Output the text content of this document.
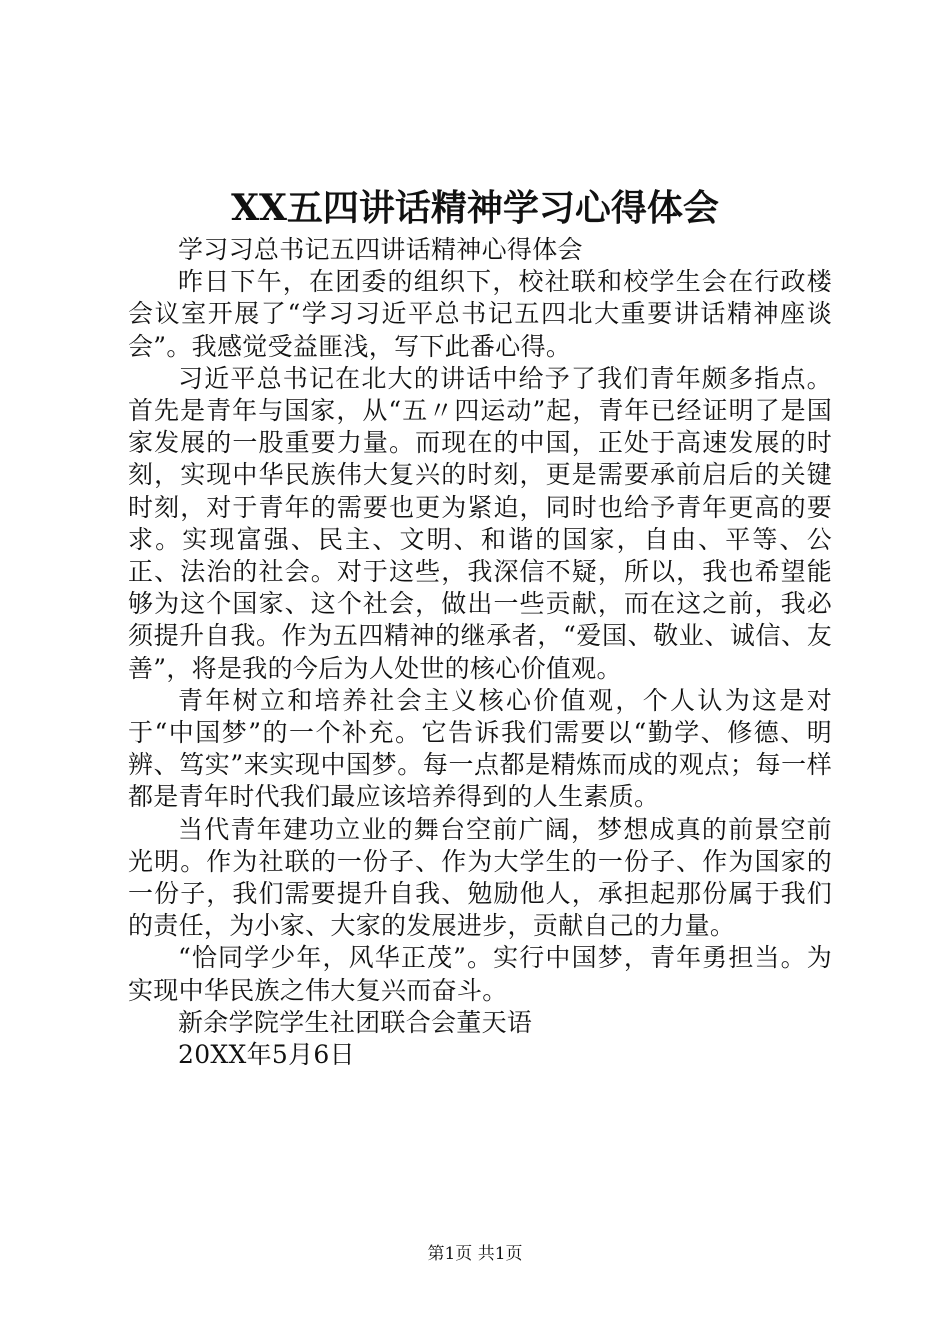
XX五四讲话精神学习心得体会

学习习总书记五四讲话精神心得体会

昨日下午，在团委的组织下，校社联和校学生会在行政楼会议室开展了“学习习近平总书记五四北大重要讲话精神座谈会”。我感觉受益匪浅，写下此番心得。

习近平总书记在北大的讲话中给予了我们青年颇多指点。首先是青年与国家，从“五〃四运动”起，青年已经证明了是国家发展的一股重要力量。而现在的中国，正处于高速发展的时刻，实现中华民族伟大复兴的时刻，更是需要承前启后的关键时刻，对于青年的需要也更为紧迫，同时也给予青年更高的要求。实现富强、民主、文明、和谐的国家，自由、平等、公正、法治的社会。对于这些，我深信不疑，所以，我也希望能够为这个国家、这个社会，做出一些贡献，而在这之前，我必须提升自我。作为五四精神的继承者，“爱国、敬业、诚信、友善”，将是我的今后为人处世的核心价值观。

青年树立和培养社会主义核心价值观，个人认为这是对于“中国梦”的一个补充。它告诉我们需要以“勤学、修德、明辨、笃实”来实现中国梦。每一点都是精炼而成的观点；每一样都是青年时代我们最应该培养得到的人生素质。

当代青年建功立业的舞台空前广阔，梦想成真的前景空前光明。作为社联的一份子、作为大学生的一份子、作为国家的一份子，我们需要提升自我、勉励他人，承担起那份属于我们的责任，为小家、大家的发展进步，贡献自己的力量。

“恰同学少年，风华正茂”。实行中国梦，青年勇担当。为实现中华民族之伟大复兴而奋斗。

新余学院学生社团联合会董天语

20XX年5月6日

第1页 共1页
